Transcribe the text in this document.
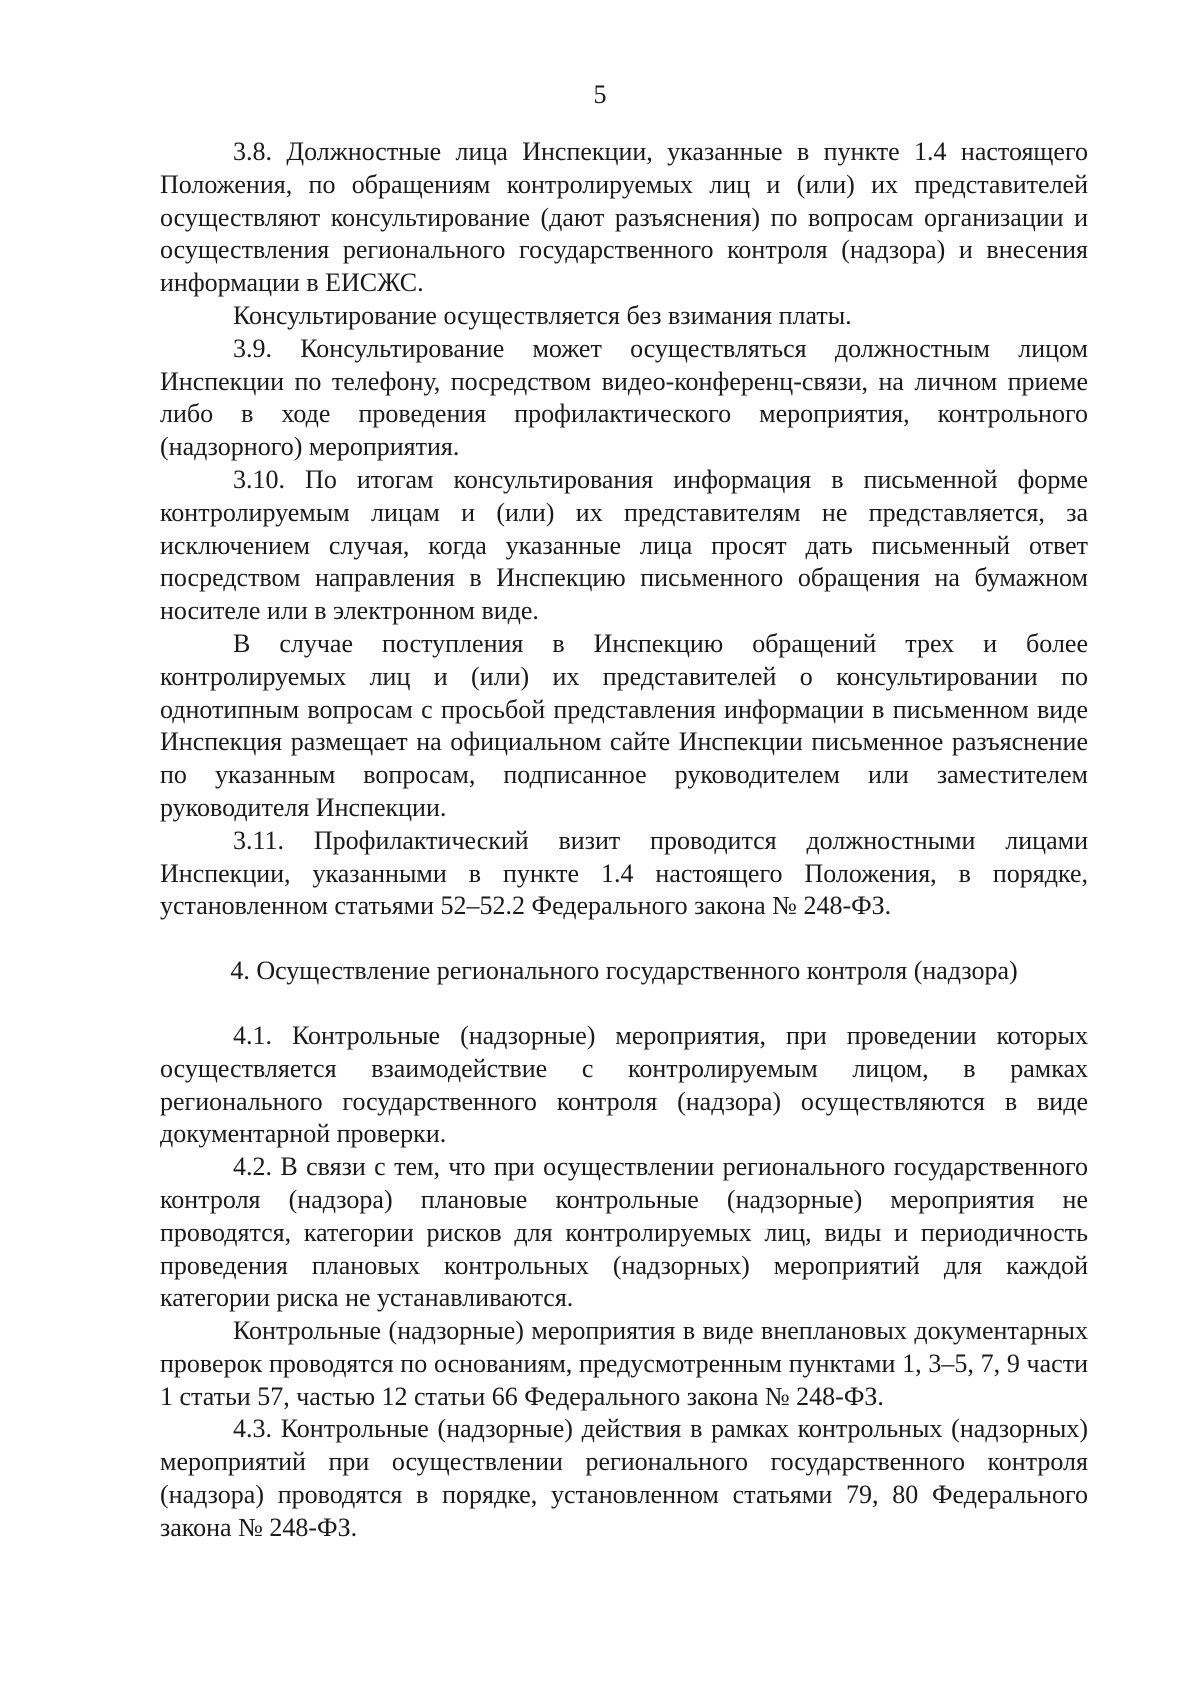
5

3.8. Должностные лица Инспекции, указанные в пункте 1.4 настоящего Положения, по обращениям контролируемых лиц и (или) их представителей осуществляют консультирование (дают разъяснения) по вопросам организации и осуществления регионального государственного контроля (надзора) и внесения информации в ЕИСЖС.

Консультирование осуществляется без взимания платы.

3.9. Консультирование может осуществляться должностным лицом Инспекции по телефону, посредством видео-конференц-связи, на личном приеме либо в ходе проведения профилактического мероприятия, контрольного (надзорного) мероприятия.

3.10. По итогам консультирования информация в письменной форме контролируемым лицам и (или) их представителям не представляется, за исключением случая, когда указанные лица просят дать письменный ответ посредством направления в Инспекцию письменного обращения на бумажном носителе или в электронном виде.

В случае поступления в Инспекцию обращений трех и более контролируемых лиц и (или) их представителей о консультировании по однотипным вопросам с просьбой представления информации в письменном виде Инспекция размещает на официальном сайте Инспекции письменное разъяснение по указанным вопросам, подписанное руководителем или заместителем руководителя Инспекции.

3.11. Профилактический визит проводится должностными лицами Инспекции, указанными в пункте 1.4 настоящего Положения, в порядке, установленном статьями 52–52.2 Федерального закона № 248-ФЗ.

4. Осуществление регионального государственного контроля (надзора)

4.1. Контрольные (надзорные) мероприятия, при проведении которых осуществляется взаимодействие с контролируемым лицом, в рамках регионального государственного контроля (надзора) осуществляются в виде документарной проверки.

4.2. В связи с тем, что при осуществлении регионального государственного контроля (надзора) плановые контрольные (надзорные) мероприятия не проводятся, категории рисков для контролируемых лиц, виды и периодичность проведения плановых контрольных (надзорных) мероприятий для каждой категории риска не устанавливаются.

Контрольные (надзорные) мероприятия в виде внеплановых документарных проверок проводятся по основаниям, предусмотренным пунктами 1, 3–5, 7, 9 части 1 статьи 57, частью 12 статьи 66 Федерального закона № 248-ФЗ.

4.3. Контрольные (надзорные) действия в рамках контрольных (надзорных) мероприятий при осуществлении регионального государственного контроля (надзора) проводятся в порядке, установленном статьями 79, 80 Федерального закона № 248-ФЗ.
